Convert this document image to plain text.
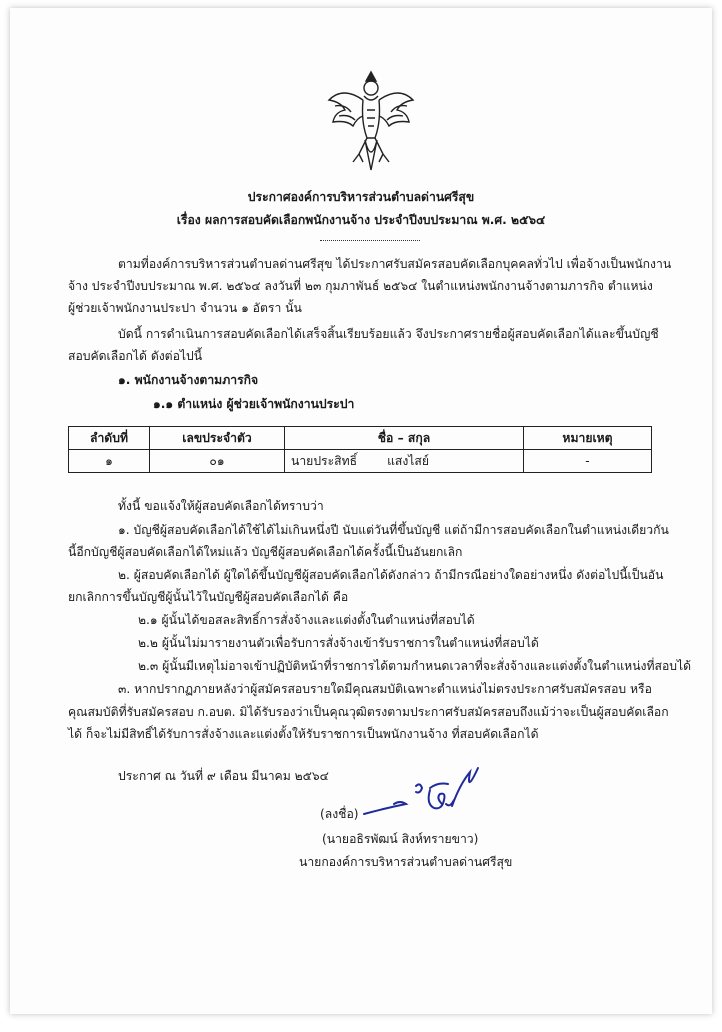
ประกาศองค์การบริหารส่วนตำบลด่านศรีสุข
เรื่อง ผลการสอบคัดเลือกพนักงานจ้าง ประจำปีงบประมาณ พ.ศ. ๒๕๖๔
ตามที่องค์การบริหารส่วนตำบลด่านศรีสุข ได้ประกาศรับสมัครสอบคัดเลือกบุคคลทั่วไป เพื่อจ้างเป็นพนักงาน
จ้าง ประจำปีงบประมาณ พ.ศ. ๒๕๖๔ ลงวันที่ ๒๓ กุมภาพันธ์ ๒๕๖๔ ในตำแหน่งพนักงานจ้างตามภารกิจ ตำแหน่ง
ผู้ช่วยเจ้าพนักงานประปา จำนวน ๑ อัตรา นั้น
บัดนี้ การดำเนินการสอบคัดเลือกได้เสร็จสิ้นเรียบร้อยแล้ว จึงประกาศรายชื่อผู้สอบคัดเลือกได้และขึ้นบัญชี
สอบคัดเลือกได้ ดังต่อไปนี้
๑. พนักงานจ้างตามภารกิจ
๑.๑ ตำแหน่ง ผู้ช่วยเจ้าพนักงานประปา
ลำดับที่	เลขประจำตัว	ชื่อ – สกุล	หมายเหตุ
๑	๐๑	นายประสิทธิ์ แสงไสย์	-
ทั้งนี้ ขอแจ้งให้ผู้สอบคัดเลือกได้ทราบว่า
๑. บัญชีผู้สอบคัดเลือกได้ใช้ได้ไม่เกินหนึ่งปี นับแต่วันที่ขึ้นบัญชี แต่ถ้ามีการสอบคัดเลือกในตำแหน่งเดียวกัน
นี้อีกบัญชีผู้สอบคัดเลือกได้ใหม่แล้ว บัญชีผู้สอบคัดเลือกได้ครั้งนี้เป็นอันยกเลิก
๒. ผู้สอบคัดเลือกได้ ผู้ใดได้ขึ้นบัญชีผู้สอบคัดเลือกได้ดังกล่าว ถ้ามีกรณีอย่างใดอย่างหนึ่ง ดังต่อไปนี้เป็นอัน
ยกเลิกการขึ้นบัญชีผู้นั้นไว้ในบัญชีผู้สอบคัดเลือกได้ คือ
๒.๑ ผู้นั้นได้ขอสละสิทธิ์การสั่งจ้างและแต่งตั้งในตำแหน่งที่สอบได้
๒.๒ ผู้นั้นไม่มารายงานตัวเพื่อรับการสั่งจ้างเข้ารับราชการในตำแหน่งที่สอบได้
๒.๓ ผู้นั้นมีเหตุไม่อาจเข้าปฏิบัติหน้าที่ราชการได้ตามกำหนดเวลาที่จะสั่งจ้างและแต่งตั้งในตำแหน่งที่สอบได้
๓. หากปรากฏภายหลังว่าผู้สมัครสอบรายใดมีคุณสมบัติเฉพาะตำแหน่งไม่ตรงประกาศรับสมัครสอบ หรือ
คุณสมบัติที่รับสมัครสอบ ก.อบต. มิได้รับรองว่าเป็นคุณวุฒิตรงตามประกาศรับสมัครสอบถึงแม้ว่าจะเป็นผู้สอบคัดเลือก
ได้ ก็จะไม่มีสิทธิ์ได้รับการสั่งจ้างและแต่งตั้งให้รับราชการเป็นพนักงานจ้าง ที่สอบคัดเลือกได้
ประกาศ ณ วันที่ ๙ เดือน มีนาคม ๒๕๖๔
(ลงชื่อ)
(นายอธิรพัฒน์ สิงห์ทรายขาว)
นายกองค์การบริหารส่วนตำบลด่านศรีสุข
